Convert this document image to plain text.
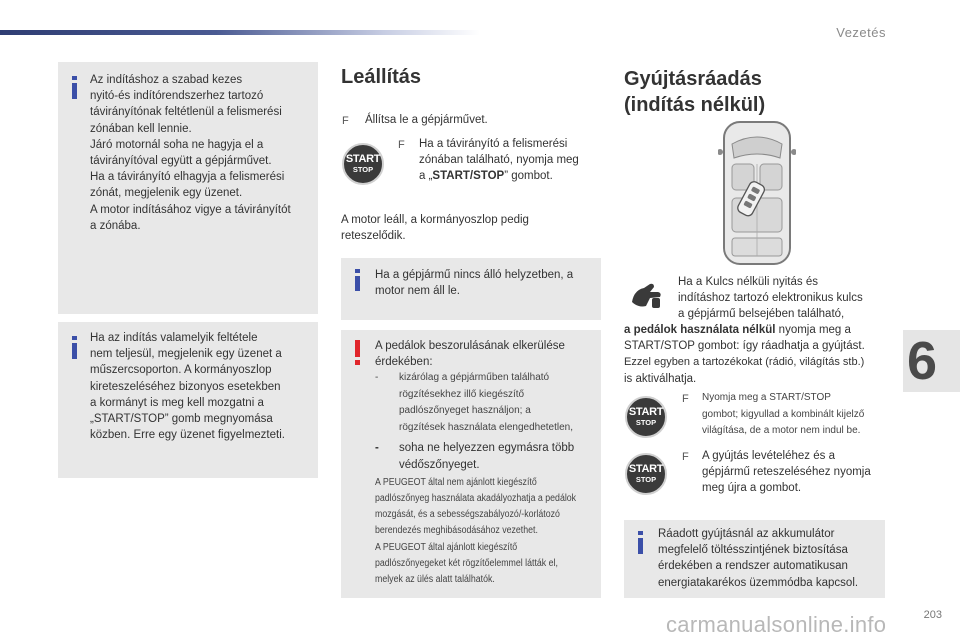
Vezetés
6

Az indításhoz a szabad kezes

nyitó-és indítórendszerhez tartozó

távirányítónak feltétlenül a felismerési

zónában kell lennie.

Járó motornál soha ne hagyja el a

távirányítóval együtt a gépjárművet.

Ha a távirányító elhagyja a felismerési

zónát, megjelenik egy üzenet.

A motor indításához vigye a távirányítót

a zónába.

Ha az indítás valamelyik feltétele

nem teljesül, megjelenik egy üzenet a

műszercsoporton. A kormányoszlop

kireteszeléséhez bizonyos esetekben

a kormányt is meg kell mozgatni a

„START/STOP” gomb megnyomása

közben. Erre egy üzenet figyelmezteti.

Leállítás
F Állítsa le a gépjárművet.
START
STOP
F Ha a távirányító a felismerési

zónában található, nyomja meg

a „START/STOP” gombot.

A motor leáll, a kormányoszlop pedig

reteszelődik.

Ha a gépjármű nincs álló helyzetben, a

motor nem áll le.

A pedálok beszorulásának elkerülése

érdekében:

- kizárólag a gépjárműben található

rögzítésekhez illő kiegészítő

padlószőnyeget használjon; a

rögzítések használata elengedhetetlen,

- soha ne helyezzen egymásra több

védőszőnyeget.

A PEUGEOT által nem ajánlott kiegészítő

padlószőnyeg használata akadályozhatja a pedálok

mozgását, és a sebességszabályozó/-korlátozó

berendezés meghibásodásához vezethet.

A PEUGEOT által ajánlott kiegészítő

padlószőnyegeket két rögzítőelemmel látták el,

melyek az ülés alatt találhatók.

Gyújtásráadás
(indítás nélkül)

Ha a Kulcs nélküli nyitás és

indításhoz tartozó elektronikus kulcs

a gépjármű belsejében található,

a pedálok használata nélkül nyomja meg a

START/STOP gombot: így ráadhatja a gyújtást.

Ezzel egyben a tartozékokat (rádió, világítás stb.)

is aktiválhatja.

START
STOP
F Nyomja meg a START/STOP

gombot; kigyullad a kombinált kijelző

világítása, de a motor nem indul be.

START
STOP
F A gyújtás levételéhez és a

gépjármű reteszeléséhez nyomja

meg újra a gombot.

Ráadott gyújtásnál az akkumulátor

megfelelő töltésszintjének biztosítása

érdekében a rendszer automatikusan

energiatakarékos üzemmódba kapcsol.

carmanualsonline.info	203
